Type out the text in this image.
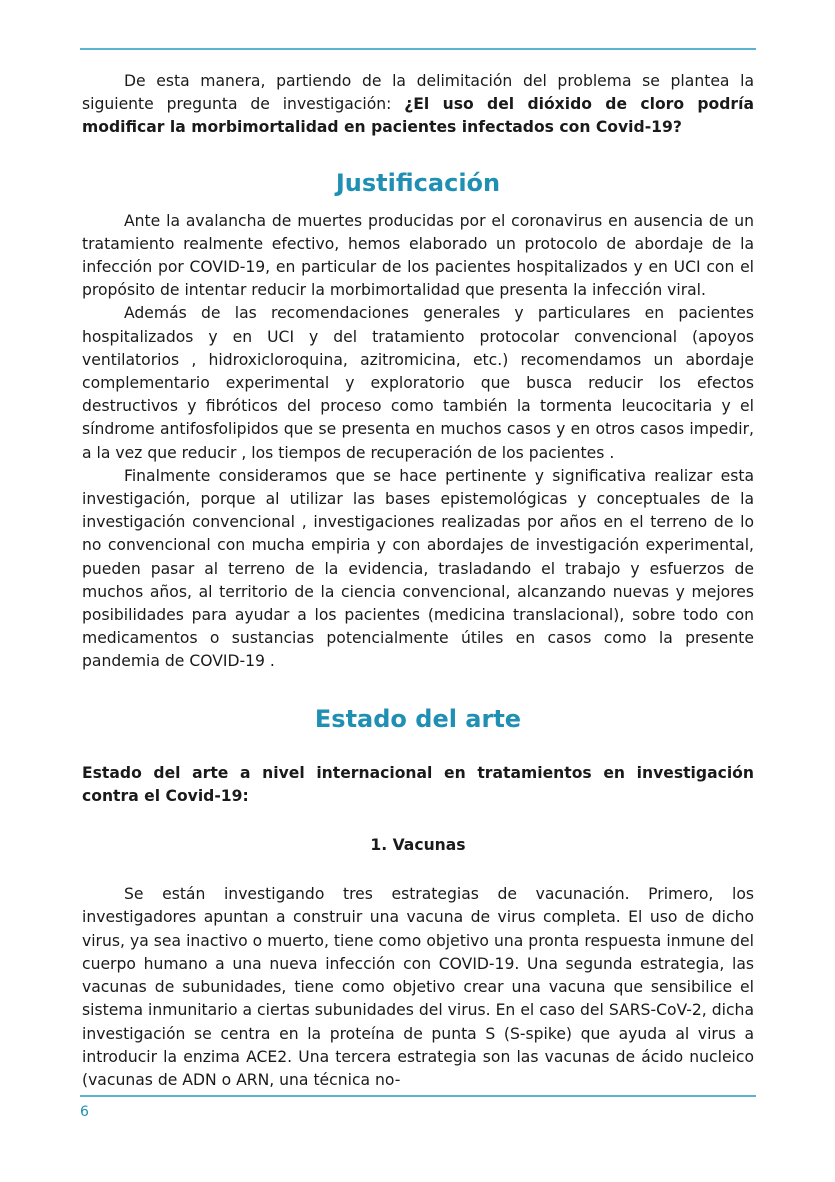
De esta manera, partiendo de la delimitación del problema se plantea la siguiente pregunta de investigación: ¿El uso del dióxido de cloro podría modificar la morbimortalidad en pacientes infectados con Covid-19?

Justificación

Ante la avalancha de muertes producidas por el coronavirus en ausencia de un tratamiento realmente efectivo, hemos elaborado un protocolo de abordaje de la infección por COVID-19, en particular de los pacientes hospitalizados y en UCI con el propósito de intentar reducir la morbimortalidad que presenta la infección viral.

Además de las recomendaciones generales y particulares en pacientes hospitalizados y en UCI y del tratamiento protocolar convencional (apoyos ventilatorios , hidroxicloroquina, azitromicina, etc.) recomendamos un abordaje complementario experimental y exploratorio que busca reducir los efectos destructivos y fibróticos del proceso como también la tormenta leucocitaria y el síndrome antifosfolipidos que se presenta en muchos casos y en otros casos impedir, a la vez que reducir , los tiempos de recuperación de los pacientes .

Finalmente consideramos que se hace pertinente y significativa realizar esta investigación, porque al utilizar las bases epistemológicas y conceptuales de la investigación convencional , investigaciones realizadas por años en el terreno de lo no convencional con mucha empiria y con abordajes de investigación experimental, pueden pasar al terreno de la evidencia, trasladando el trabajo y esfuerzos de muchos años, al territorio de la ciencia convencional, alcanzando nuevas y mejores posibilidades para ayudar a los pacientes (medicina translacional), sobre todo con medicamentos o sustancias potencialmente útiles en casos como la presente pandemia de COVID-19 .

Estado del arte

Estado del arte a nivel internacional en tratamientos en investigación contra el Covid-19:

1. Vacunas

Se están investigando tres estrategias de vacunación. Primero, los investigadores apuntan a construir una vacuna de virus completa. El uso de dicho virus, ya sea inactivo o muerto, tiene como objetivo una pronta respuesta inmune del cuerpo humano a una nueva infección con COVID-19. Una segunda estrategia, las vacunas de subunidades, tiene como objetivo crear una vacuna que sensibilice el sistema inmunitario a ciertas subunidades del virus. En el caso del SARS-CoV-2, dicha investigación se centra en la proteína de punta S (S-spike) que ayuda al virus a introducir la enzima ACE2. Una tercera estrategia son las vacunas de ácido nucleico (vacunas de ADN o ARN, una técnica no-

6
